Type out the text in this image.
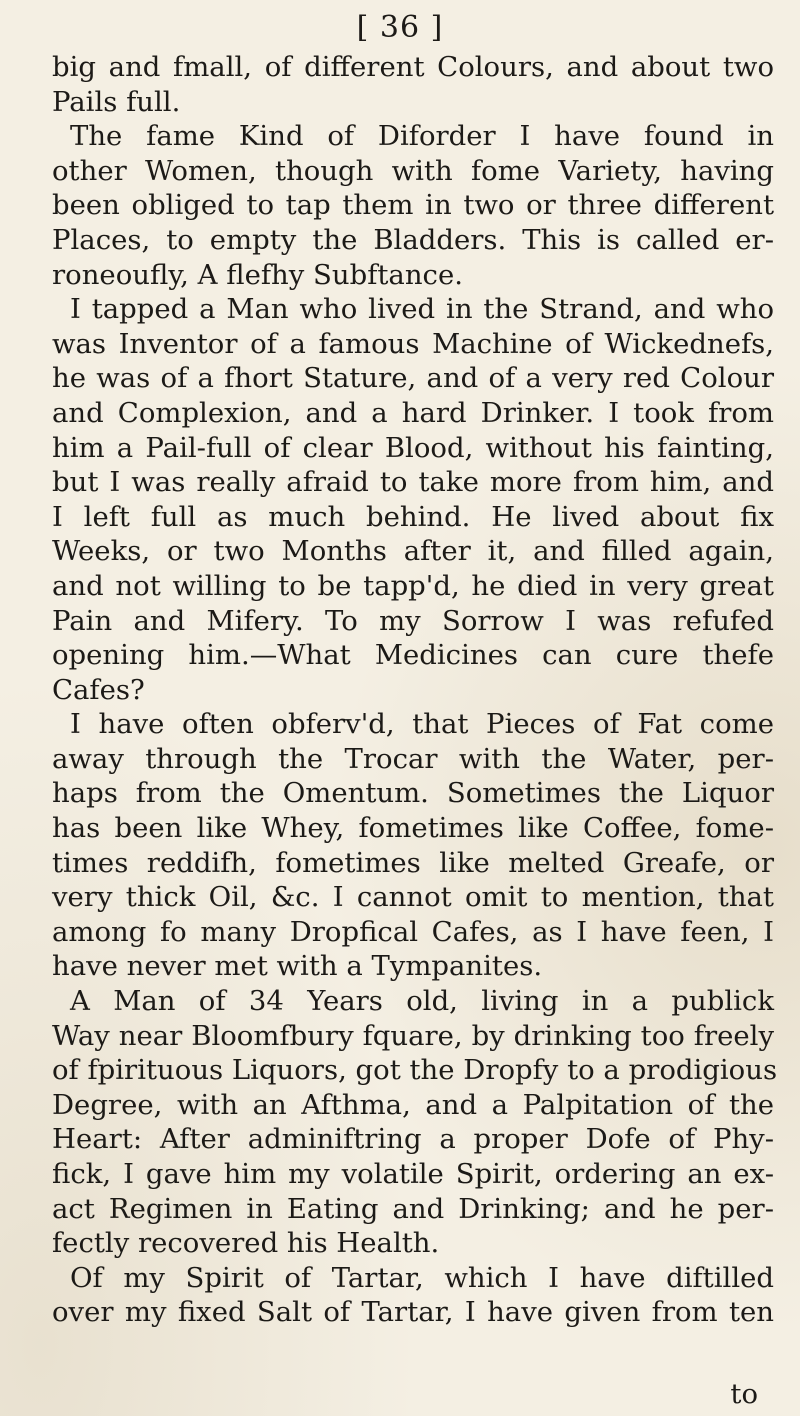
[ 36 ]
big and fmall, of different Colours, and about two
Pails full.
The fame Kind of Diforder I have found in
other Women, though with fome Variety, having
been obliged to tap them in two or three different
Places, to empty the Bladders. This is called er-
roneoufly, A flefhy Subftance.
I tapped a Man who lived in the Strand, and who
was Inventor of a famous Machine of Wickednefs,
he was of a fhort Stature, and of a very red Colour
and Complexion, and a hard Drinker. I took from
him a Pail-full of clear Blood, without his fainting,
but I was really afraid to take more from him, and
I left full as much behind. He lived about fix
Weeks, or two Months after it, and filled again,
and not willing to be tapp'd, he died in very great
Pain and Mifery. To my Sorrow I was refufed
opening him.—What Medicines can cure thefe
Cafes?
I have often obferv'd, that Pieces of Fat come
away through the Trocar with the Water, per-
haps from the Omentum. Sometimes the Liquor
has been like Whey, fometimes like Coffee, fome-
times reddifh, fometimes like melted Greafe, or
very thick Oil, &c. I cannot omit to mention, that
among fo many Dropfical Cafes, as I have feen, I
have never met with a Tympanites.
A Man of 34 Years old, living in a publick
Way near Bloomfbury fquare, by drinking too freely
of fpirituous Liquors, got the Dropfy to a prodigious
Degree, with an Afthma, and a Palpitation of the
Heart: After adminiftring a proper Dofe of Phy-
fick, I gave him my volatile Spirit, ordering an ex-
act Regimen in Eating and Drinking; and he per-
fectly recovered his Health.
Of my Spirit of Tartar, which I have diftilled
over my fixed Salt of Tartar, I have given from ten
to
